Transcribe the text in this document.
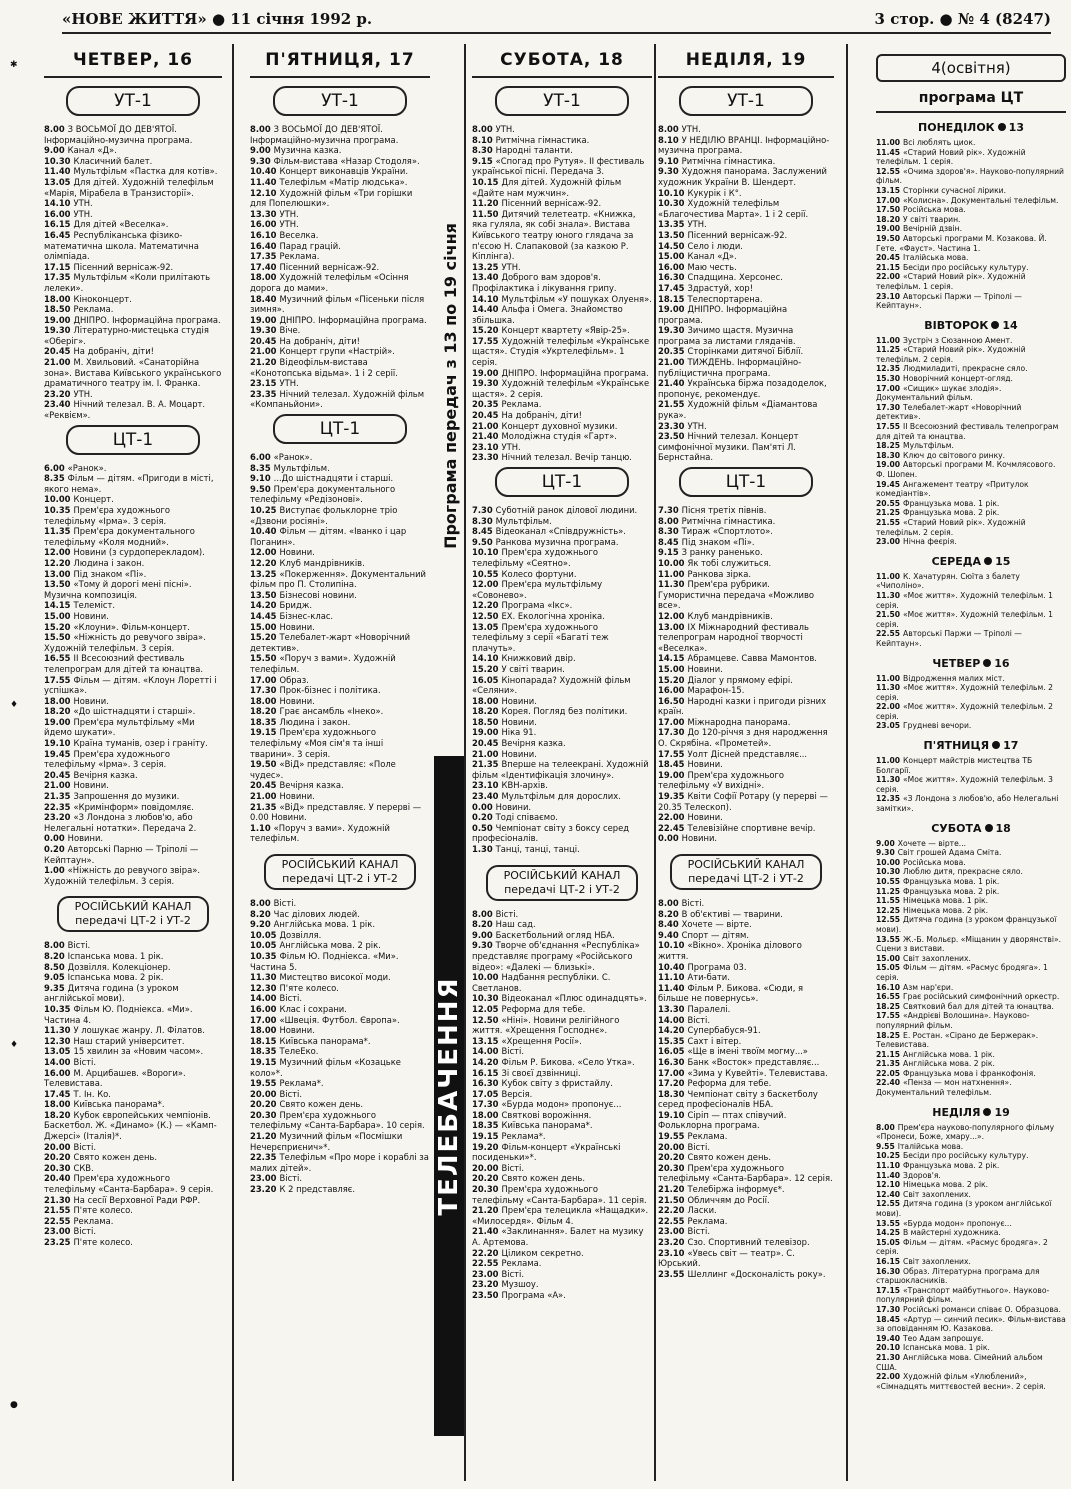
«НОВЕ ЖИТТЯ» ● 11 січня 1992 р.	3 стор. ● № 4 (8247)
✱
♦
♦
●
ЧЕТВЕР, 16
УТ-1

8.00 З ВОСЬМОЇ ДО ДЕВ'ЯТОЇ. Інформаційно-музична програма.

9.00 Канал «Д».

10.30 Класичний балет.

11.40 Мультфільм «Пастка для котів».

13.05 Для дітей. Художній телефільм «Марія, Мірабела в Транзисторії».

14.10 УТН.

16.00 УТН.

16.15 Для дітей «Веселка».

16.45 Республіканська фізико-математична школа. Математична олімпіада.

17.15 Пісенний вернісаж-92.

17.35 Мультфільм «Коли прилітають лелеки».

18.00 Кіноконцерт.

18.50 Реклама.

19.00 ДНІПРО. Інформаційна програма.

19.30 Літературно-мистецька студія «Оберіг».

20.45 На добраніч, діти!

21.00 М. Хвильовий. «Санаторійна зона». Вистава Київського українського драматичного театру ім. І. Франка.

23.20 УТН.

23.40 Нічний телезал. В. А. Моцарт. «Реквієм».

ЦТ-1

6.00 «Ранок».

8.35 Фільм — дітям. «Пригоди в місті, якого нема».

10.00 Концерт.

10.35 Прем'єра художнього телефільму «Ірма». 3 серія.

11.35 Прем'єра документального телефільму «Коля модний».

12.00 Новини (з сурдоперекладом).

12.20 Людина і закон.

13.00 Під знаком «Пі».

13.50 «Тому й дорогі мені пісні». Музична композиція.

14.15 Телеміст.

15.00 Новини.

15.20 «Клоуни». Фільм-концерт.

15.50 «Ніжність до ревучого звіра». Художній телефільм. 3 серія.

16.55 II Всесоюзний фестиваль телепрограм для дітей та юнацтва.

17.55 Фільм — дітям. «Клоун Лоретті і успішка».

18.00 Новини.

18.20 «До шістнадцяти і старші».

19.00 Прем'єра мультфільму «Ми йдемо шукати».

19.10 Країна туманів, озер і граніту.

19.45 Прем'єра художнього телефільму «Ірма». 3 серія.

20.45 Вечірня казка.

21.00 Новини.

21.35 Запрошення до музики.

22.35 «Кримінформ» повідомляє.

23.20 «З Лондона з любов'ю, або Нелегальні нотатки». Передача 2.

0.00 Новини.

0.20 Авторські Парню — Тріполі — Кейптаун».

1.00 «Ніжність до ревучого звіра». Художній телефільм. 3 серія.

РОСІЙСЬКИЙ КАНАЛ передачі ЦТ-2 і УТ-2

8.00 Вісті.

8.20 Іспанська мова. 1 рік.

8.50 Дозвілля. Колекціонер.

9.05 Іспанська мова. 2 рік.

9.35 Дитяча година (з уроком англійської мови).

10.35 Фільм Ю. Подніекса. «Ми». Частина 4.

11.30 У лошукає жанру. Л. Філатов.

12.30 Наш старий університет.

13.05 15 хвилин за «Новим часом».

14.00 Вісті.

16.00 М. Арцибашев. «Вороги». Телевистава.

17.45 Т. Ін. Ко.

18.00 Київська панорама*.

18.20 Кубок європейських чемпіонів. Баскетбол. Ж. «Динамо» (К.) — «Камп-Джерсі» (Італія)*.

20.00 Вісті.

20.20 Свято кожен день.

20.30 СКВ.

20.40 Прем'єра художнього телефільму «Санта-Барбара». 9 серія.

21.30 На сесії Верховної Ради РФР.

21.55 П'яте колесо.

22.55 Реклама.

23.00 Вісті.

23.25 П'яте колесо.

П'ЯТНИЦЯ, 17
УТ-1

8.00 З ВОСЬМОЇ ДО ДЕВ'ЯТОЇ. Інформаційно-музична програма.

9.00 Музична казка.

9.30 Фільм-вистава «Назар Стодоля».

10.40 Концерт виконавців України.

11.40 Телефільм «Матір людська».

12.10 Художній фільм «Три горішки для Попелюшки».

13.30 УТН.

16.00 УТН.

16.10 Веселка.

16.40 Парад грацій.

17.35 Реклама.

17.40 Пісенний вернісаж-92.

18.00 Художній телефільм «Осіння дорога до мами».

18.40 Музичний фільм «Пісеньки після зимня».

19.00 ДНІПРО. Інформаційна програма.

19.30 Віче.

20.45 На добраніч, діти!

21.00 Концерт групи «Настрій».

21.20 Відеофільм-вистава «Конотопська відьма». 1 і 2 серії.

23.15 УТН.

23.35 Нічний телезал. Художній фільм «Компаньйони».

ЦТ-1

6.00 «Ранок».

8.35 Мультфільм.

9.10 ...До шістнадцяти і старші.

9.50 Прем'єра документального телефільму «Редізонові».

10.25 Виступає фольклорне тріо «Дзвони росіяні».

10.40 Фільм — дітям. «Іванко і цар Поганин».

12.00 Новини.

12.20 Клуб мандрівників.

13.25 «Покерження». Документальний фільм про П. Столипіна.

13.50 Бізнесові новини.

14.20 Бридж.

14.45 Бізнес-клас.

15.00 Новини.

15.20 Телебалет-жарт «Новорічний детектив».

15.50 «Поруч з вами». Художній телефільм.

17.00 Образ.

17.30 Прок-бізнес і політика.

18.00 Новини.

18.20 Грає ансамбль «Інеко».

18.35 Людина і закон.

19.15 Прем'єра художнього телефільму «Моя сім'я та інші тварини». 3 серія.

19.50 «ВіД» представляє: «Поле чудес».

20.45 Вечірня казка.

21.00 Новини.

21.35 «ВіД» представляє. У перерві — 0.00 Новини.

1.10 «Поруч з вами». Художній телефільм.

РОСІЙСЬКИЙ КАНАЛ передачі ЦТ-2 і УТ-2

8.00 Вісті.

8.20 Час ділових людей.

9.20 Англійська мова. 1 рік.

10.05 Дозвілля.

10.05 Англійська мова. 2 рік.

10.35 Фільм Ю. Подніекса. «Ми». Частина 5.

11.30 Мистецтво високої моди.

12.30 П'яте колесо.

14.00 Вісті.

16.00 Клас і сохрани.

17.00 «Швеція. Футбол. Європа».

18.00 Новини.

18.15 Київська панорама*.

18.35 ТелеЕко.

19.15 Музичний фільм «Козацьке коло»*.

19.55 Реклама*.

20.00 Вісті.

20.20 Свято кожен день.

20.30 Прем'єра художнього телефільму «Санта-Барбара». 10 серія.

21.20 Музичний фільм «Посмішки Нечерєприєнич»*.

22.35 Телефільм «Про море і кораблі за малих дітей».

23.00 Вісті.

23.20 К 2 представляє.

Програма передач з 13 по 19 січня
ТЕЛЕБАЧЕННЯ
СУБОТА, 18
УТ-1

8.00 УТН.

8.10 Ритмічна гімнастика.

8.30 Народні таланти.

9.15 «Спогад про Рутуя». II фестиваль української пісні. Передача 3.

10.15 Для дітей. Художній фільм «Дайте нам мужчин».

11.20 Пісенний вернісаж-92.

11.50 Дитячий телетеатр. «Книжка, яка гуляла, як собі знала». Вистава Київського театру юного глядача за п'єсою Н. Слапаковой (за казкою Р. Кіплінга).

13.25 УТН.

13.40 Доброго вам здоров'я. Профілактика і лікування грипу.

14.10 Мультфільм «У пошуках Олуеня».

14.40 Альфа і Омега. Знайомство збільшка.

15.20 Концерт квартету «Явір-25».

17.55 Художній телефільм «Українське щастя». Студія «Укртелефільм». 1 серія.

19.00 ДНІПРО. Інформаційна програма.

19.30 Художній телефільм «Українське щастя». 2 серія.

20.35 Реклама.

20.45 На добраніч, діти!

21.00 Концерт духовної музики.

21.40 Молодіжна студія «Гарт».

23.10 УТН.

23.30 Нічний телезал. Вечір танцю.

ЦТ-1

7.30 Суботній ранок ділової людини.

8.30 Мультфільм.

8.45 Відеоканал «Співдружність».

9.50 Ранкова музична програма.

10.10 Прем'єра художнього телефільму «Сеятно».

10.55 Колесо фортуни.

12.00 Прем'єра мультфільму «Совонево».

12.20 Програма «Ікс».

12.50 EX. Екологічна хроніка.

13.05 Прем'єра художнього телефільму з серії «Багаті теж плачуть».

14.10 Книжковий двір.

15.20 У світі тварин.

16.05 Кінопарада? Художній фільм «Селяни».

18.00 Новини.

18.20 Корея. Погляд без політики.

18.50 Новини.

19.00 Ніка 91.

20.45 Вечірня казка.

21.00 Новини.

21.35 Вперше на телеекрані. Художній фільм «Ідентифікація злочину».

23.10 КВН-архів.

23.40 Мультфільм для дорослих.

0.00 Новини.

0.20 Тоді співаємо.

0.50 Чемпіонат світу з боксу серед професіоналів.

1.30 Танці, танці, танці.

РОСІЙСЬКИЙ КАНАЛ передачі ЦТ-2 і УТ-2

8.00 Вісті.

8.20 Наш сад.

9.00 Баскетбольний огляд НБА.

9.30 Творче об'єднання «Республіка» представляє програму «Російського відео»: «Далекі — близькі».

10.00 Надбання республіки. С. Светланов.

10.30 Відеоканал «Плюс одинадцять».

12.05 Реформа для тебе.

12.50 «Ніні». Новини релігійного життя. «Хрещення Господнє».

13.15 «Хрещення Росії».

14.00 Вісті.

14.20 Фільм Р. Бикова. «Село Утка».

16.15 Зі своєї дзвінниці.

16.30 Кубок світу з фристайлу.

17.05 Версія.

17.30 «Бурда модон» пропонує...

18.00 Святкові ворожіння.

18.35 Київська панорама*.

19.15 Реклама*.

19.20 Фільм-концерт «Українські посиденьки»*.

20.00 Вісті.

20.20 Свято кожен день.

20.30 Прем'єра художнього телефільму «Санта-Барбара». 11 серія.

21.20 Прем'єра телецикла «Нащадки». «Милосердя». Фільм 4.

21.40 «Заклинання». Балет на музику А. Артемова.

22.20 Ціликом секретно.

22.55 Реклама.

23.00 Вісті.

23.20 Музшоу.

23.50 Програма «А».

НЕДІЛЯ, 19
УТ-1

8.00 УТН.

8.10 У НЕДІЛЮ ВРАНЦІ. Інформаційно-музична програма.

9.10 Ритмічна гімнастика.

9.30 Художня панорама. Заслужений художник України В. Шендерт.

10.10 Кукурік і К°.

10.30 Художній телефільм «Благочестива Марта». 1 і 2 серії.

13.35 УТН.

13.50 Пісенний вернісаж-92.

14.50 Село і люди.

15.00 Канал «Д».

16.00 Маю честь.

16.30 Спадщина. Херсонес.

17.45 Здрастуй, хор!

18.15 Телеспортарена.

19.00 ДНІПРО. Інформаційна програма.

19.30 Зичимо щастя. Музична програма за листами глядачів.

20.35 Сторінками дитячої Біблії.

21.00 ТИЖДЕНЬ. Інформаційно-публіцистична програма.

21.40 Українська біржа позадоделок, пропонує, рекомендує.

21.55 Художній фільм «Діамантова рука».

23.30 УТН.

23.50 Нічний телезал. Концерт симфонічної музики. Пам'яті Л. Бернстайна.

ЦТ-1

7.30 Пісня третіх півнів.

8.00 Ритмічна гімнастика.

8.30 Тираж «Спортлото».

8.45 Під знаком «Пі».

9.15 З ранку раненько.

10.00 Як тобі служиться.

11.00 Ранкова зірка.

11.30 Прем'єра рубрики. Гумористична передача «Можливо все».

12.00 Клуб мандрівників.

13.00 IX Міжнародний фестиваль телепрограм народної творчості «Веселка».

14.15 Абрамцеве. Савва Мамонтов.

15.00 Новини.

15.20 Діалог у прямому ефірі.

16.00 Марафон-15.

16.50 Народні казки і пригоди різних країн.

17.00 Міжнародна панорама.

17.30 До 120-річчя з дня народження О. Скрябіна. «Прометей».

17.55 Уолт Дісней представляє...

18.45 Новини.

19.00 Прем'єра художнього телефільму «У вихідні».

19.35 Квіти Софії Ротару (у перерві — 20.35 Телескоп).

22.00 Новини.

22.45 Телевізійне спортивне вечір.

0.00 Новини.

РОСІЙСЬКИЙ КАНАЛ передачі ЦТ-2 і УТ-2

8.00 Вісті.

8.20 В об'єктиві — тварини.

8.40 Хочете — вірте.

9.40 Спорт — дітям.

10.10 «Вікно». Хроніка ділового життя.

10.40 Програма 03.

11.10 Ати-бати.

11.40 Фільм Р. Бикова. «Сюди, я більше не повернусь».

13.30 Паралелі.

14.00 Вісті.

14.20 Супербабуся-91.

15.35 Сахт і вітер.

16.05 «Ще в імені твоїм могму...»

16.30 Банк «Восток» представляє...

17.00 «Зима у Кувейті». Телевистава.

17.20 Реформа для тебе.

18.30 Чемпіонат світу з баскетболу серед професіоналів НБА.

19.10 Сіріп — птах співучий. Фольклорна програма.

19.55 Реклама.

20.00 Вісті.

20.20 Свято кожен день.

20.30 Прем'єра художнього телефільму «Санта-Барбара». 12 серія.

21.20 Телебіржа інформує*.

21.50 Обличчям до Росії.

22.20 Ласки.

22.55 Реклама.

23.00 Вісті.

23.20 Сзо. Спортивний телевізор.

23.10 «Увесь світ — театр». С. Юрський.

23.55 Шеллинг «Досконалість року».

4(освітня)
програма ЦТ
ПОНЕДІЛОК 13

11.00 Всі люблять циок.

11.45 «Старий Новий рік». Художній телефільм. 1 серія.

12.55 «Очима здоров'я». Науково-популярний фільм.

13.15 Сторінки сучасної лірики.

17.00 «Колисна». Документальні телефільм.

17.50 Російська мова.

18.20 У світі тварин.

19.00 Вечірній дзвін.

19.50 Авторські програми М. Козакова. Й. Гете. «Фауст». Частина 1.

20.45 Італійська мова.

21.15 Бесіди про російську культуру.

22.00 «Старий Новий рік». Художній телефільм. 1 серія.

23.10 Авторські Паржи — Тріполі — Кейптаун».

ВІВТОРОК 14

11.00 Зустріч з Сюзанною Амент.

11.25 «Старий Новий рік». Художній телефільм. 2 серія.

12.35 Людмиладиті, прекрасне сяло.

15.30 Новорічний концерт-огляд.

17.00 «Сищик» шукає злодія». Документальний фільм.

17.30 Телебалет-жарт «Новорічний детектив».

17.55 II Всесоюзний фестиваль телепрограм для дітей та юнацтва.

18.25 Мультфільм.

18.30 Ключ до світового ринку.

19.00 Авторські програми М. Кочмлясового. Ф. Шопен.

19.45 Ангажемент театру «Притулок комедіантів».

20.55 Французька мова. 1 рік.

21.25 Французька мова. 2 рік.

21.55 «Старий Новий рік». Художній телефільм. 2 серія.

23.00 Нічна феєрія.

СЕРЕДА 15

11.00 К. Хачатурян. Сюїта з балету «Чиполіно».

11.30 «Моє життя». Художній телефільм. 1 серія.

21.50 «Моє життя». Художній телефільм. 1 серія.

22.55 Авторські Паржи — Тріполі — Кейптаун».

ЧЕТВЕР 16

11.00 Відродження малих міст.

11.30 «Моє життя». Художній телефільм. 2 серія.

22.00 «Моє життя». Художній телефільм. 2 серія.

23.05 Грудневі вечори.

П'ЯТНИЦЯ 17

11.00 Концерт майстрів мистецтва ТБ Болгарії.

11.30 «Моє життя». Художній телефільм. 3 серія.

12.35 «З Лондона з любов'ю, або Нелегальні замітки».

СУБОТА 18

9.00 Хочете — вірте...

9.30 Світ грошей Адама Сміта.

10.00 Російська мова.

10.30 Люблю дитя, прекрасне сяло.

10.55 Французька мова. 1 рік.

11.25 Французька мова. 2 рік.

11.55 Німецька мова. 1 рік.

12.25 Німецька мова. 2 рік.

12.55 Дитяча година (з уроком французької мови).

13.55 Ж.-Б. Мольєр. «Міщанин у дворянстві». Сцени з вистави.

15.00 Світ захоплених.

15.05 Фільм — дітям. «Расмус бродяга». 1 серія.

16.10 Азм нар'єри.

16.55 Грає російський симфонічний оркестр.

18.25 Святковий бал для дітей та юнацтва.

17.55 «Андрієві Волошина». Науково-популярний фільм.

18.25 Е. Ростан. «Сірано де Бержерак». Телевистава.

21.15 Англійська мова. 1 рік.

21.35 Англійська мова. 2 рік.

22.05 Французька мова і франкофонія.

22.40 «Пенза — мон натхнення». Документальний телефільм.

НЕДІЛЯ 19

8.00 Прем'єра науково-популярного фільму «Пронеси, Боже, хмару...».

9.55 Італійська мова.

10.25 Бесіди про російську культуру.

11.10 Французька мова. 2 рік.

11.40 Здоров'я.

12.10 Німецька мова. 2 рік.

12.40 Світ захоплених.

12.55 Дитяча година (з уроком англійської мови).

13.55 «Бурда модон» пропонує...

14.25 В майстерні художника.

15.05 Фільм — дітям. «Расмус бродяга». 2 серія.

16.15 Світ захоплених.

16.30 Образ. Літературна програма для старшокласників.

17.15 «Транспорт майбутнього». Науково-популярний фільм.

17.30 Російські романси співає О. Образцова.

18.45 «Артур — синчий песик». Фільм-вистава за оповіданням Ю. Казакова.

19.40 Тео Адам запрошує.

20.10 Іспанська мова. 1 рік.

21.30 Англійська мова. Сімейний альбом США.

22.00 Художній фільм «Улюблений», «Сімнадцять миттєвостей весни». 2 серія.
